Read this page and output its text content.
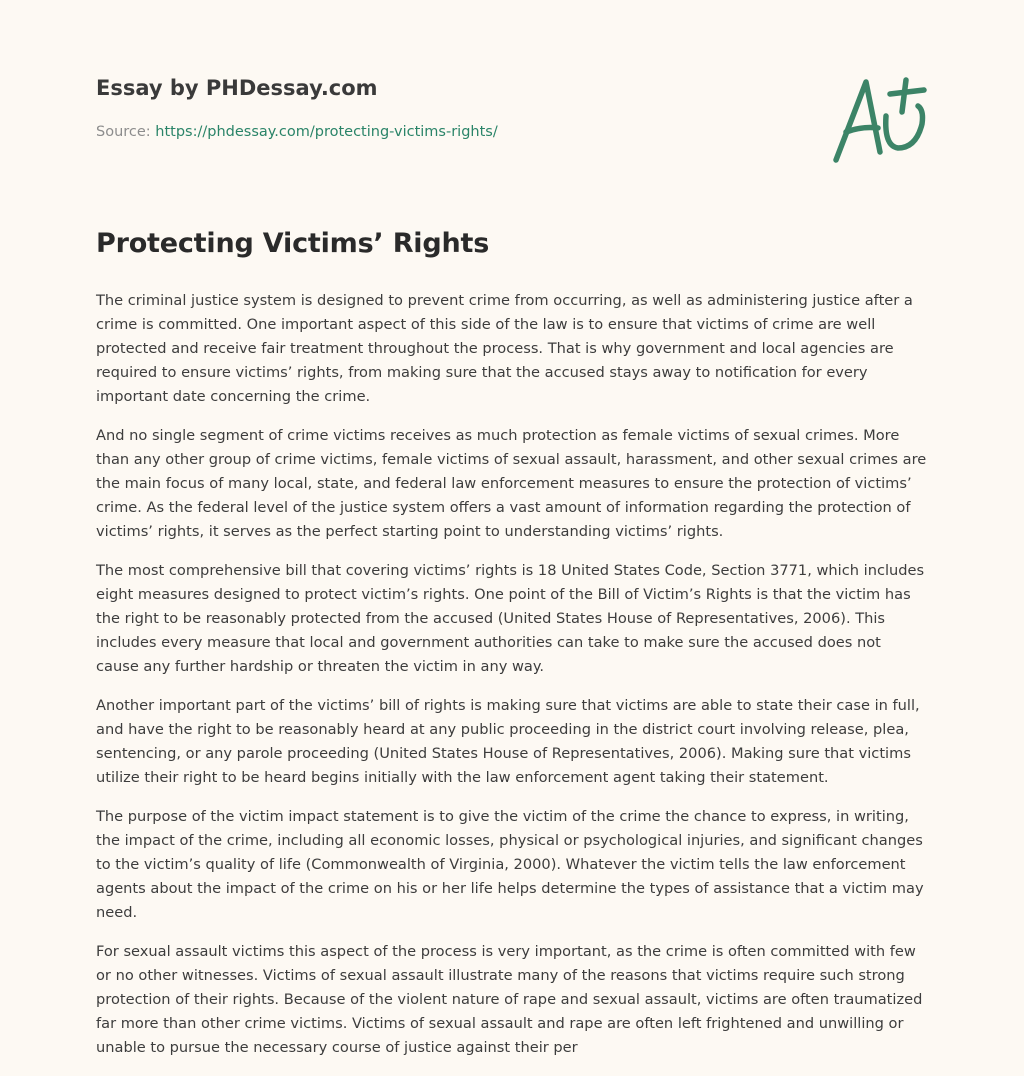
Essay by PHDessay.com
Source: https://phdessay.com/protecting-victims-rights/
Protecting Victims’ Rights

The criminal justice system is designed to prevent crime from occurring, as well as administering justice after a crime is committed. One important aspect of this side of the law is to ensure that victims of crime are well protected and receive fair treatment throughout the process. That is why government and local agencies are required to ensure victims’ rights, from making sure that the accused stays away to notification for every important date concerning the crime.

And no single segment of crime victims receives as much protection as female victims of sexual crimes. More than any other group of crime victims, female victims of sexual assault, harassment, and other sexual crimes are the main focus of many local, state, and federal law enforcement measures to ensure the protection of victims’ crime. As the federal level of the justice system offers a vast amount of information regarding the protection of victims’ rights, it serves as the perfect starting point to understanding victims’ rights.

The most comprehensive bill that covering victims’ rights is 18 United States Code, Section 3771, which includes eight measures designed to protect victim’s rights. One point of the Bill of Victim’s Rights is that the victim has the right to be reasonably protected from the accused (United States House of Representatives, 2006). This includes every measure that local and government authorities can take to make sure the accused does not cause any further hardship or threaten the victim in any way.

Another important part of the victims’ bill of rights is making sure that victims are able to state their case in full, and have the right to be reasonably heard at any public proceeding in the district court involving release, plea, sentencing, or any parole proceeding (United States House of Representatives, 2006). Making sure that victims utilize their right to be heard begins initially with the law enforcement agent taking their statement.

The purpose of the victim impact statement is to give the victim of the crime the chance to express, in writing, the impact of the crime, including all economic losses, physical or psychological injuries, and significant changes to the victim’s quality of life (Commonwealth of Virginia, 2000). Whatever the victim tells the law enforcement agents about the impact of the crime on his or her life helps determine the types of assistance that a victim may need.

For sexual assault victims this aspect of the process is very important, as the crime is often committed with few or no other witnesses. Victims of sexual assault illustrate many of the reasons that victims require such strong protection of their rights. Because of the violent nature of rape and sexual assault, victims are often traumatized far more than other crime victims. Victims of sexual assault and rape are often left frightened and unwilling or unable to pursue the necessary course of justice against their per
